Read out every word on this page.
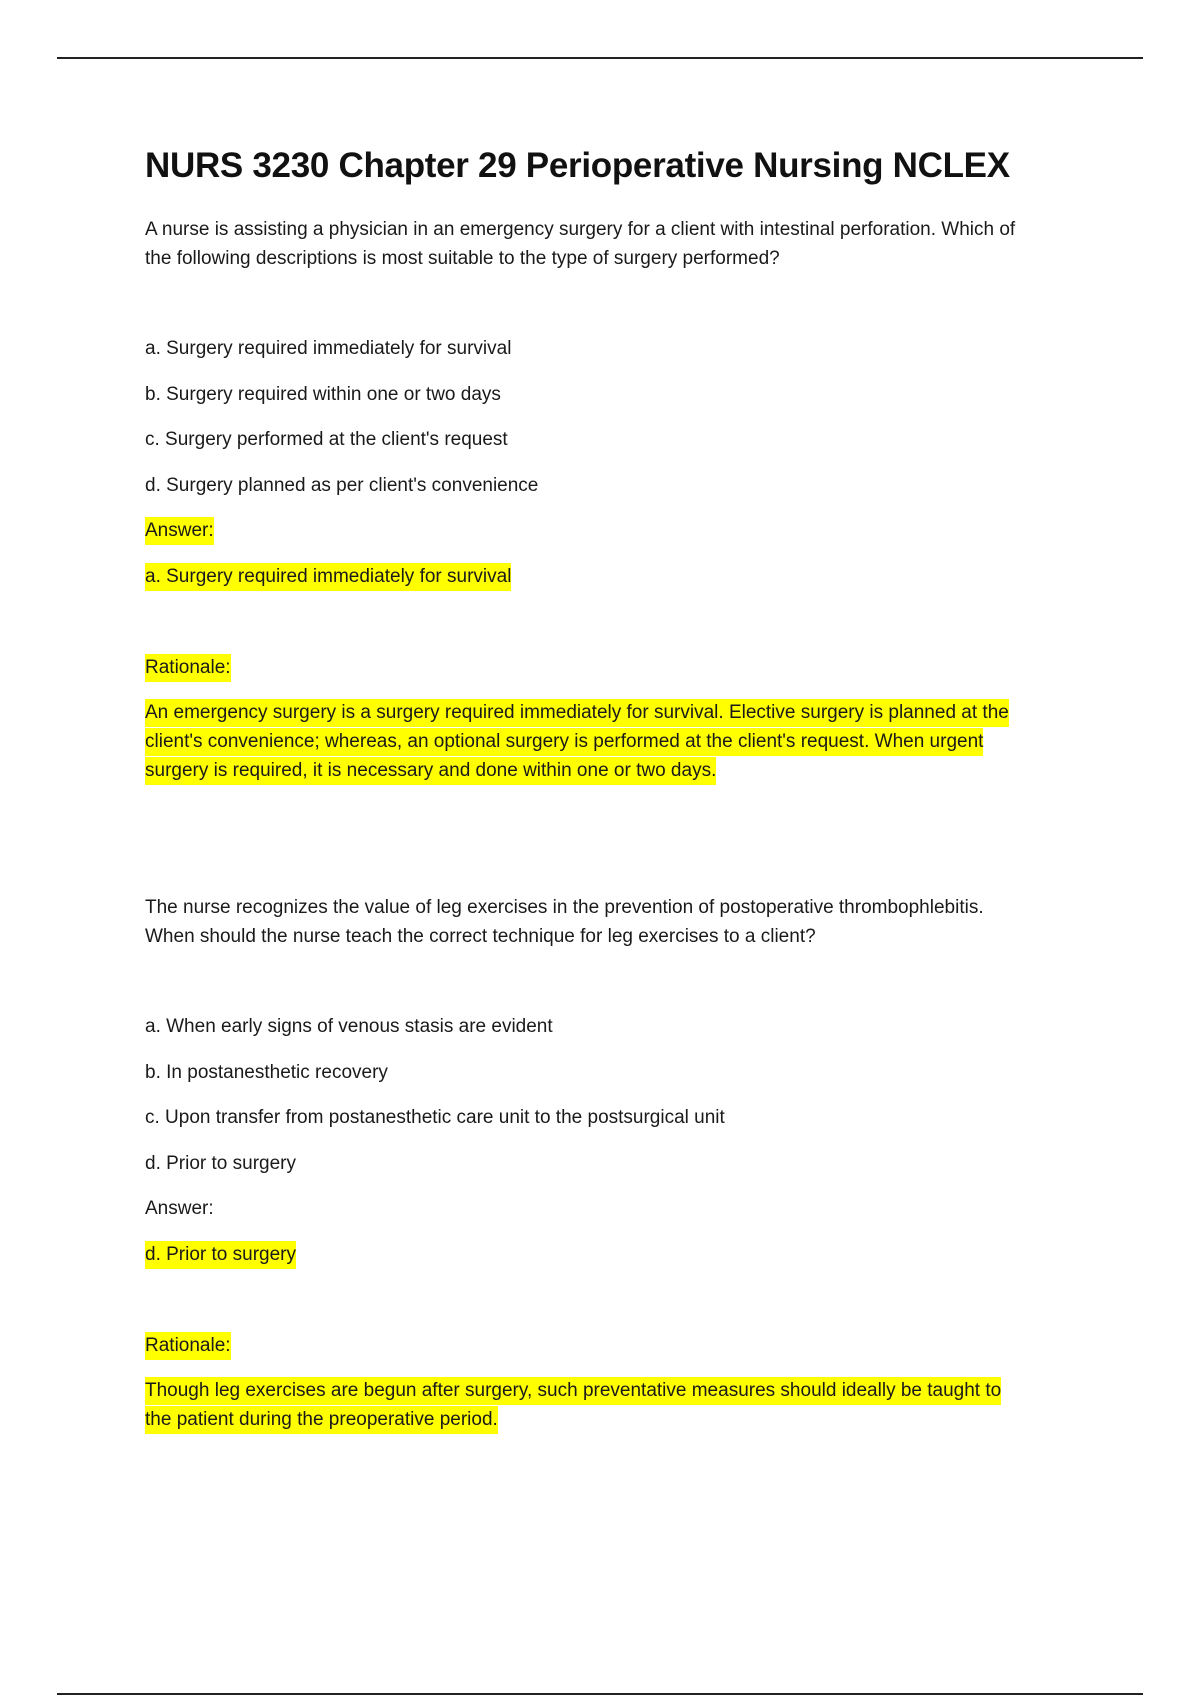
NURS 3230 Chapter 29 Perioperative Nursing NCLEX
A nurse is assisting a physician in an emergency surgery for a client with intestinal perforation. Which of
the following descriptions is most suitable to the type of surgery performed?
a. Surgery required immediately for survival
b. Surgery required within one or two days
c. Surgery performed at the client's request
d. Surgery planned as per client's convenience
Answer:
a. Surgery required immediately for survival
Rationale:
An emergency surgery is a surgery required immediately for survival. Elective surgery is planned at the
client's convenience; whereas, an optional surgery is performed at the client's request. When urgent
surgery is required, it is necessary and done within one or two days.
The nurse recognizes the value of leg exercises in the prevention of postoperative thrombophlebitis.
When should the nurse teach the correct technique for leg exercises to a client?
a. When early signs of venous stasis are evident
b. In postanesthetic recovery
c. Upon transfer from postanesthetic care unit to the postsurgical unit
d. Prior to surgery
Answer:
d. Prior to surgery
Rationale:
Though leg exercises are begun after surgery, such preventative measures should ideally be taught to
the patient during the preoperative period.
